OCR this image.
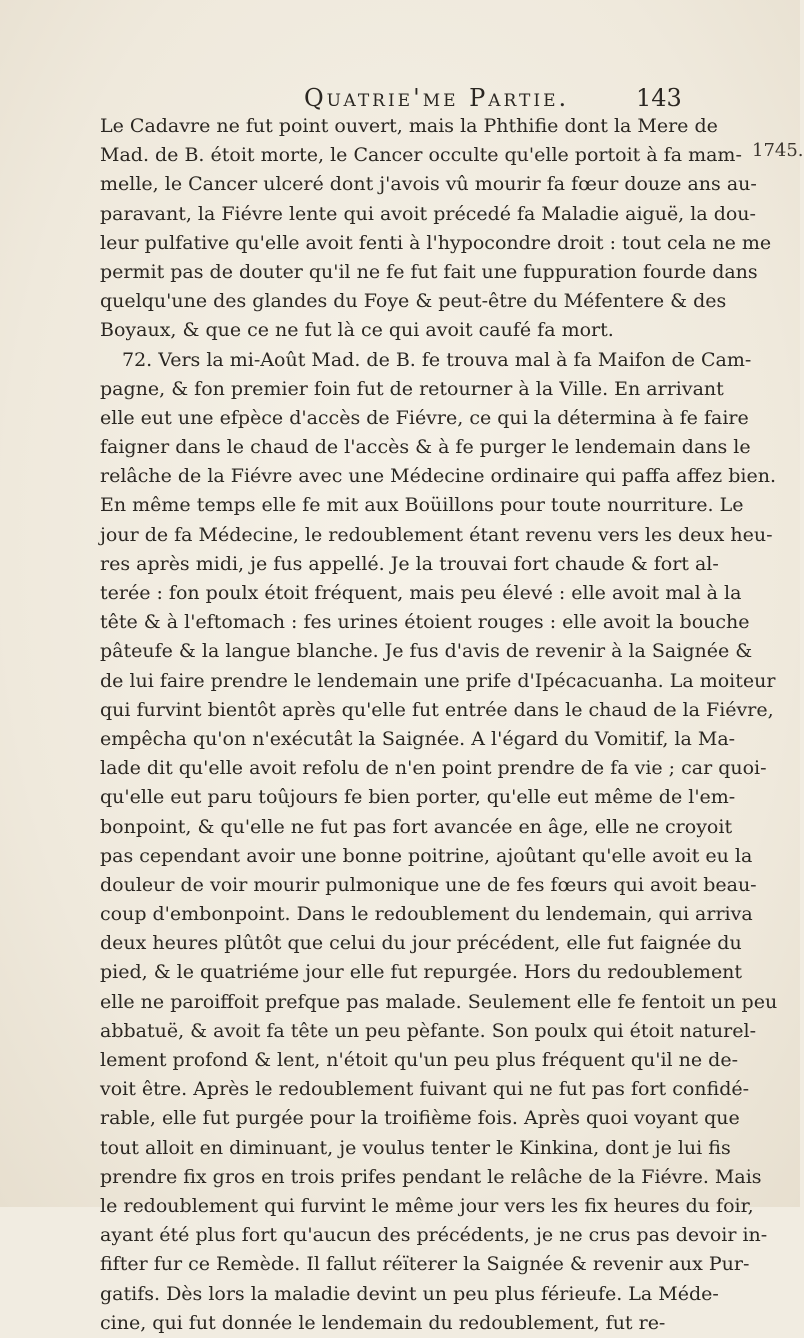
Quatrie'me Partie.	143
1745.
Le Cadavre ne fut point ouvert, mais la Phthifie dont la Mere de
Mad. de B. étoit morte, le Cancer occulte qu'elle portoit à fa mam-
melle, le Cancer ulceré dont j'avois vû mourir fa fœur douze ans au-
paravant, la Fiévre lente qui avoit précedé fa Maladie aiguë, la dou-
leur pulfative qu'elle avoit fenti à l'hypocondre droit : tout cela ne me
permit pas de douter qu'il ne fe fut fait une fuppuration fourde dans
quelqu'une des glandes du Foye & peut-être du Méfentere & des
Boyaux, & que ce ne fut là ce qui avoit caufé fa mort.
72. Vers la mi-Août Mad. de B. fe trouva mal à fa Maifon de Cam-
pagne, & fon premier foin fut de retourner à la Ville. En arrivant
elle eut une efpèce d'accès de Fiévre, ce qui la détermina à fe faire
faigner dans le chaud de l'accès & à fe purger le lendemain dans le
relâche de la Fiévre avec une Médecine ordinaire qui paffa affez bien.
En même temps elle fe mit aux Boüillons pour toute nourriture. Le
jour de fa Médecine, le redoublement étant revenu vers les deux heu-
res après midi, je fus appellé. Je la trouvai fort chaude & fort al-
terée : fon poulx étoit fréquent, mais peu élevé : elle avoit mal à la
tête & à l'eftomach : fes urines étoient rouges : elle avoit la bouche
pâteufe & la langue blanche. Je fus d'avis de revenir à la Saignée &
de lui faire prendre le lendemain une prife d'Ipécacuanha. La moiteur
qui furvint bientôt après qu'elle fut entrée dans le chaud de la Fiévre,
empêcha qu'on n'exécutât la Saignée. A l'égard du Vomitif, la Ma-
lade dit qu'elle avoit refolu de n'en point prendre de fa vie ; car quoi-
qu'elle eut paru toûjours fe bien porter, qu'elle eut même de l'em-
bonpoint, & qu'elle ne fut pas fort avancée en âge, elle ne croyoit
pas cependant avoir une bonne poitrine, ajoûtant qu'elle avoit eu la
douleur de voir mourir pulmonique une de fes fœurs qui avoit beau-
coup d'embonpoint. Dans le redoublement du lendemain, qui arriva
deux heures plûtôt que celui du jour précédent, elle fut faignée du
pied, & le quatriéme jour elle fut repurgée. Hors du redoublement
elle ne paroiffoit prefque pas malade. Seulement elle fe fentoit un peu
abbatuë, & avoit fa tête un peu pèfante. Son poulx qui étoit naturel-
lement profond & lent, n'étoit qu'un peu plus fréquent qu'il ne de-
voit être. Après le redoublement fuivant qui ne fut pas fort confidé-
rable, elle fut purgée pour la troifième fois. Après quoi voyant que
tout alloit en diminuant, je voulus tenter le Kinkina, dont je lui fis
prendre fix gros en trois prifes pendant le relâche de la Fiévre. Mais
le redoublement qui furvint le même jour vers les fix heures du foir,
ayant été plus fort qu'aucun des précédents, je ne crus pas devoir in-
fifter fur ce Remède. Il fallut réïterer la Saignée & revenir aux Pur-
gatifs. Dès lors la maladie devint un peu plus férieufe. La Méde-
cine, qui fut donnée le lendemain du redoublement, fut re-
